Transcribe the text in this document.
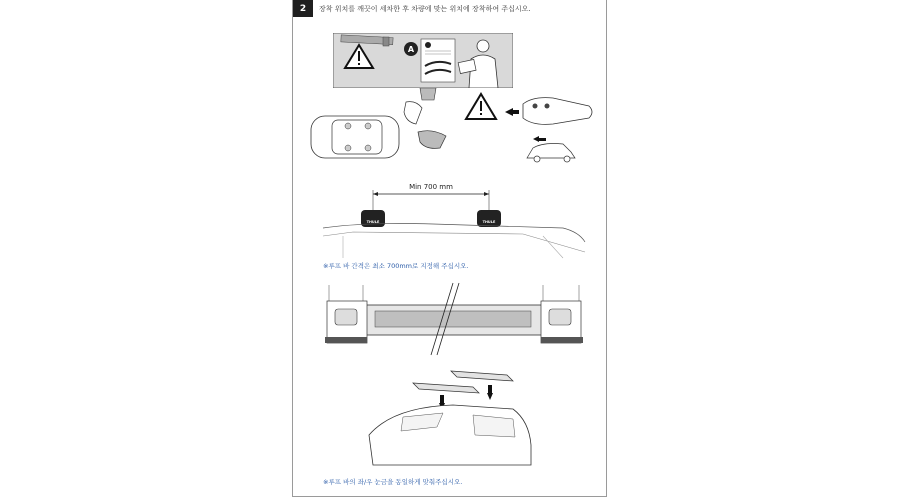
2	장착 위치를 깨끗이 세차한 후 차량에 맞는 위치에 장착하여 주십시오.
A
Min 700 mm
THULE	THULE
※루프 바 간격은 최소 700mm로 지정해 주십시오.
※루프 바의 좌/우 눈금을 동일하게 맞춰주십시오.
